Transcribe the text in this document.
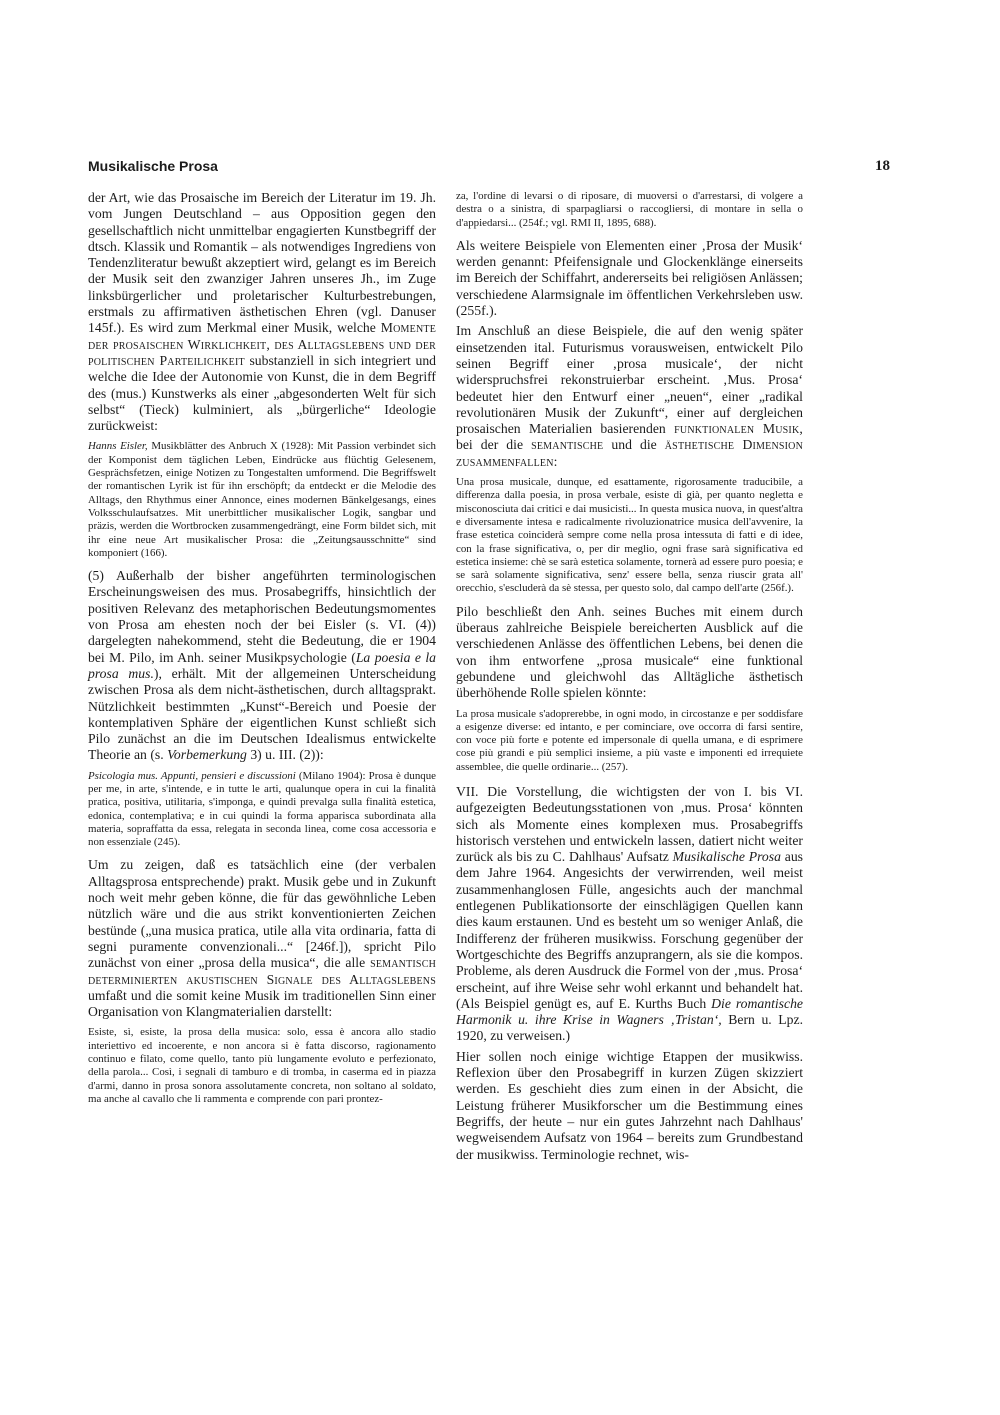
Musikalische Prosa	18

der Art, wie das Prosaische im Bereich der Literatur im 19. Jh. vom Jungen Deutschland – aus Opposition gegen den gesellschaftlich nicht unmittelbar engagierten Kunstbegriff der dtsch. Klassik und Romantik – als notwendiges Ingrediens von Tendenzliteratur bewußt akzeptiert wird, gelangt es im Bereich der Musik seit den zwanziger Jahren unseres Jh., im Zuge linksbürgerlicher und proletarischer Kulturbestrebungen, erstmals zu affirmativen ästhetischen Ehren (vgl. Danuser 145f.). Es wird zum Merkmal einer Musik, welche Momente der prosaischen Wirklichkeit, des Alltagslebens und der politischen Parteilichkeit substanziell in sich integriert und welche die Idee der Autonomie von Kunst, die in dem Begriff des (mus.) Kunstwerks als einer „abgesonderten Welt für sich selbst“ (Tieck) kulminiert, als „bürgerliche“ Ideologie zurückweist:

Hanns Eisler, Musikblätter des Anbruch X (1928): Mit Passion verbindet sich der Komponist dem täglichen Leben, Eindrücke aus flüchtig Gelesenem, Gesprächsfetzen, einige Notizen zu Tongestalten umformend. Die Begriffswelt der romantischen Lyrik ist für ihn erschöpft; da entdeckt er die Melodie des Alltags, den Rhythmus einer Annonce, eines modernen Bänkelgesangs, eines Volksschulaufsatzes. Mit unerbittlicher musikalischer Logik, sangbar und präzis, werden die Wortbrocken zusammengedrängt, eine Form bildet sich, mit ihr eine neue Art musikalischer Prosa: die „Zeitungsausschnitte“ sind komponiert (166).

(5) Außerhalb der bisher angeführten terminologischen Erscheinungsweisen des mus. Prosabegriffs, hinsichtlich der positiven Relevanz des metaphorischen Bedeutungsmomentes von Prosa am ehesten noch der bei Eisler (s. VI. (4)) dargelegten nahekommend, steht die Bedeutung, die er 1904 bei M. Pilo, im Anh. seiner Musikpsychologie (La poesia e la prosa mus.), erhält. Mit der allgemeinen Unterscheidung zwischen Prosa als dem nicht-ästhetischen, durch alltagsprakt. Nützlichkeit bestimmten „Kunst“-Bereich und Poesie der kontemplativen Sphäre der eigentlichen Kunst schließt sich Pilo zunächst an die im Deutschen Idealismus entwickelte Theorie an (s. Vorbemerkung 3) u. III. (2)):

Psicologia mus. Appunti, pensieri e discussioni (Milano 1904): Prosa è dunque per me, in arte, s'intende, e in tutte le arti, qualunque opera in cui la finalità pratica, positiva, utilitaria, s'imponga, e quindi prevalga sulla finalità estetica, edonica, contemplativa; e in cui quindi la forma apparisca subordinata alla materia, sopraffatta da essa, relegata in seconda linea, come cosa accessoria e non essenziale (245).

Um zu zeigen, daß es tatsächlich eine (der verbalen Alltagsprosa entsprechende) prakt. Musik gebe und in Zukunft noch weit mehr geben könne, die für das gewöhnliche Leben nützlich wäre und die aus strikt konventionierten Zeichen bestünde („una musica pratica, utile alla vita ordinaria, fatta di segni puramente convenzionali...“ [246f.]), spricht Pilo zunächst von einer „prosa della musica“, die alle semantisch determinierten akustischen Signale des Alltagslebens umfaßt und die somit keine Musik im traditionellen Sinn einer Organisation von Klangmaterialien darstellt:

Esiste, sì, esiste, la prosa della musica: solo, essa è ancora allo stadio interiettivo ed incoerente, e non ancora si è fatta discorso, ragionamento continuo e filato, come quello, tanto più lungamente evoluto e perfezionato, della parola... Così, i segnali di tamburo e di tromba, in caserma ed in piazza d'armi, danno in prosa sonora assolutamente concreta, non soltano al soldato, ma anche al cavallo che li rammenta e comprende con pari prontez-

za, l'ordine di levarsi o di riposare, di muoversi o d'arrestarsi, di volgere a destra o a sinistra, di sparpagliarsi o raccogliersi, di montare in sella o d'appiedarsi... (254f.; vgl. RMI II, 1895, 688).

Als weitere Beispiele von Elementen einer ‚Prosa der Musik‘ werden genannt: Pfeifensignale und Glockenklänge einerseits im Bereich der Schiffahrt, andererseits bei religiösen Anlässen; verschiedene Alarmsignale im öffentlichen Verkehrsleben usw. (255f.).

Im Anschluß an diese Beispiele, die auf den wenig später einsetzenden ital. Futurismus vorausweisen, entwickelt Pilo seinen Begriff einer ‚prosa musicale‘, der nicht widerspruchsfrei rekonstruierbar erscheint. ‚Mus. Prosa‘ bedeutet hier den Entwurf einer „neuen“, einer „radikal revolutionären Musik der Zukunft“, einer auf dergleichen prosaischen Materialien basierenden funktionalen Musik, bei der die semantische und die ästhetische Dimension zusammenfallen:

Una prosa musicale, dunque, ed esattamente, rigorosamente traducibile, a differenza dalla poesia, in prosa verbale, esiste di già, per quanto negletta e misconosciuta dai critici e dai musicisti... In questa musica nuova, in quest'altra e diversamente intesa e radicalmente rivoluzionatrice musica dell'avvenire, la frase estetica coinciderà sempre come nella prosa intessuta di fatti e di idee, con la frase significativa, o, per dir meglio, ogni frase sarà significativa ed estetica insieme: chè se sarà estetica solamente, tornerà ad essere puro poesia; e se sarà solamente significativa, senz' essere bella, senza riuscir grata all' orecchio, s'escluderà da sè stessa, per questo solo, dal campo dell'arte (256f.).

Pilo beschließt den Anh. seines Buches mit einem durch überaus zahlreiche Beispiele bereicherten Ausblick auf die verschiedenen Anlässe des öffentlichen Lebens, bei denen die von ihm entworfene „prosa musicale“ eine funktional gebundene und gleichwohl das Alltägliche ästhetisch überhöhende Rolle spielen könnte:

La prosa musicale s'adoprerebbe, in ogni modo, in circostanze e per soddisfare a esigenze diverse: ed intanto, e per cominciare, ove occorra di farsi sentire, con voce più forte e potente ed impersonale di quella umana, e di esprimere cose più grandi e più semplici insieme, a più vaste e imponenti ed irrequiete assemblee, die quelle ordinarie... (257).

VII. Die Vorstellung, die wichtigsten der von I. bis VI. aufgezeigten Bedeutungsstationen von ‚mus. Prosa‘ könnten sich als Momente eines komplexen mus. Prosabegriffs historisch verstehen und entwickeln lassen, datiert nicht weiter zurück als bis zu C. Dahlhaus' Aufsatz Musikalische Prosa aus dem Jahre 1964. Angesichts der verwirrenden, weil meist zusammenhanglosen Fülle, angesichts auch der manchmal entlegenen Publikationsorte der einschlägigen Quellen kann dies kaum erstaunen. Und es besteht um so weniger Anlaß, die Indifferenz der früheren musikwiss. Forschung gegenüber der Wortgeschichte des Begriffs anzuprangern, als sie die kompos. Probleme, als deren Ausdruck die Formel von der ‚mus. Prosa‘ erscheint, auf ihre Weise sehr wohl erkannt und behandelt hat. (Als Beispiel genügt es, auf E. Kurths Buch Die romantische Harmonik u. ihre Krise in Wagners ‚Tristan‘, Bern u. Lpz. 1920, zu verweisen.)

Hier sollen noch einige wichtige Etappen der musikwiss. Reflexion über den Prosabegriff in kurzen Zügen skizziert werden. Es geschieht dies zum einen in der Absicht, die Leistung früherer Musikforscher um die Bestimmung eines Begriffs, der heute – nur ein gutes Jahrzehnt nach Dahlhaus' wegweisendem Aufsatz von 1964 – bereits zum Grundbestand der musikwiss. Terminologie rechnet, wis-
